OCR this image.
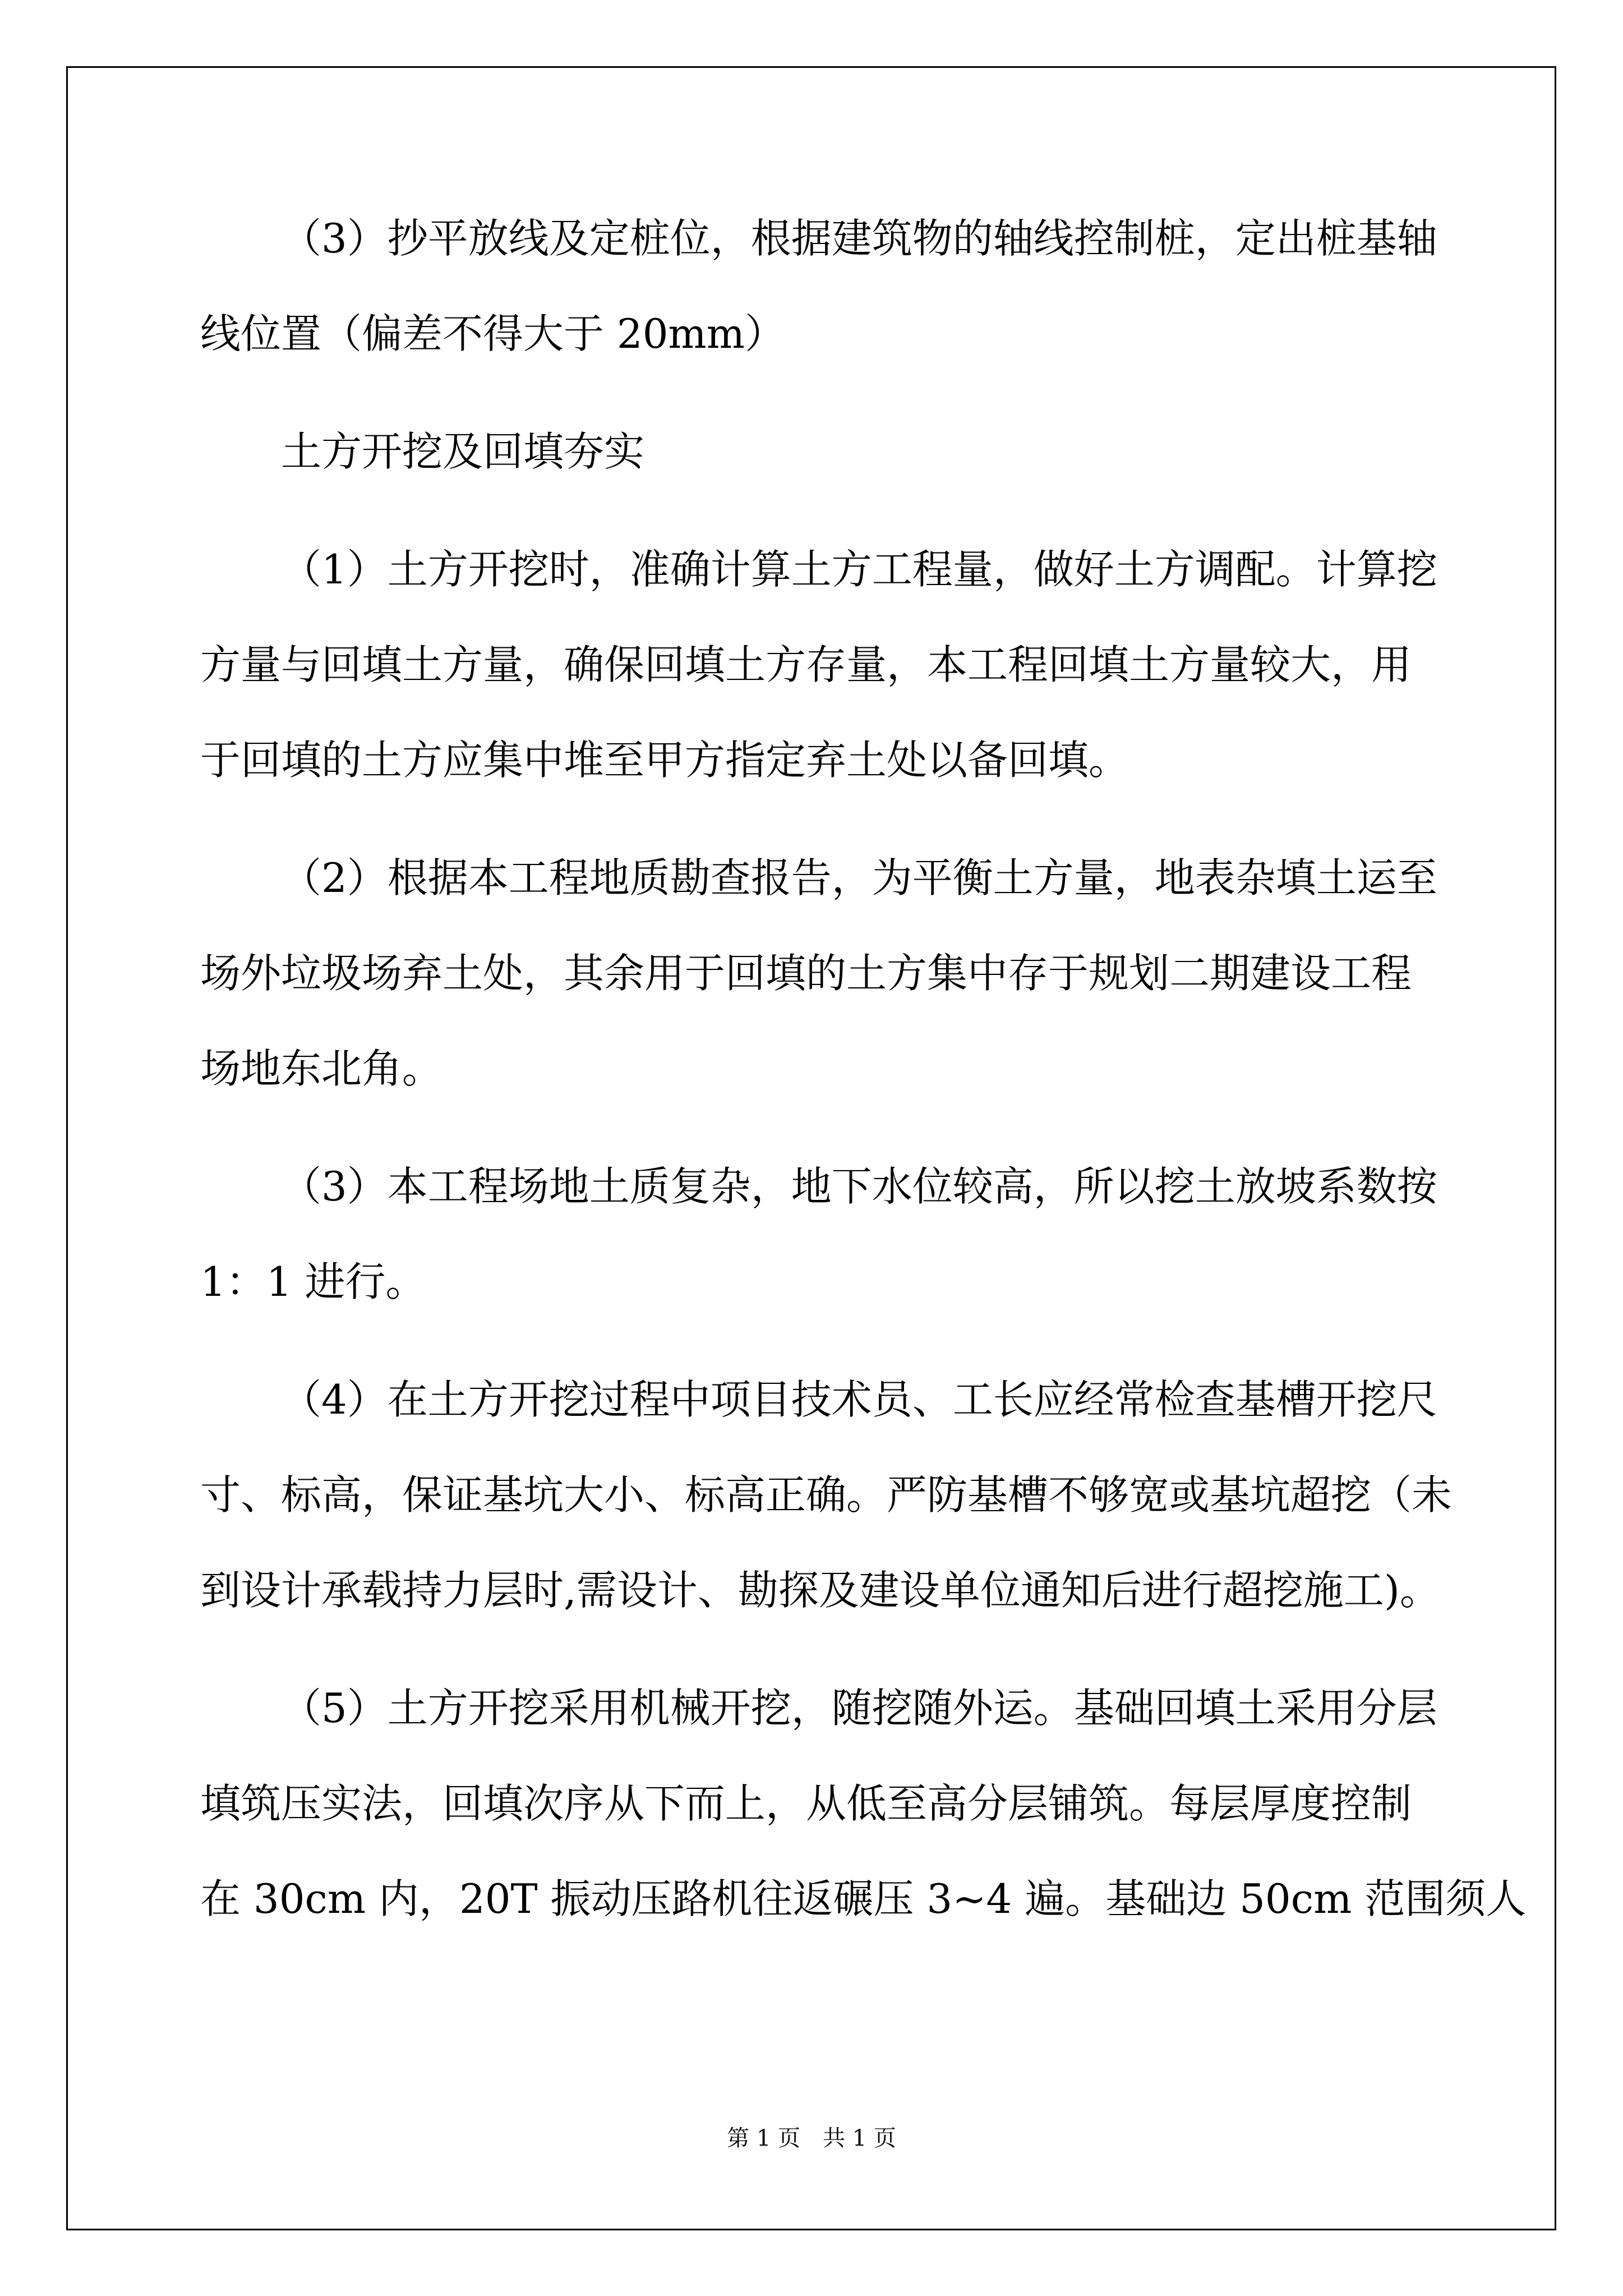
（3）抄平放线及定桩位，根据建筑物的轴线控制桩，定出桩基轴
线位置（偏差不得大于 20mm）
土方开挖及回填夯实
（1）土方开挖时，准确计算土方工程量，做好土方调配。计算挖
方量与回填土方量，确保回填土方存量，本工程回填土方量较大，用
于回填的土方应集中堆至甲方指定弃土处以备回填。
（2）根据本工程地质勘查报告，为平衡土方量，地表杂填土运至
场外垃圾场弃土处，其余用于回填的土方集中存于规划二期建设工程
场地东北角。
（3）本工程场地土质复杂，地下水位较高，所以挖土放坡系数按
1：1 进行。
（4）在土方开挖过程中项目技术员、工长应经常检查基槽开挖尺
寸、标高，保证基坑大小、标高正确。严防基槽不够宽或基坑超挖（未
到设计承载持力层时,需设计、勘探及建设单位通知后进行超挖施工)。
（5）土方开挖采用机械开挖，随挖随外运。基础回填土采用分层
填筑压实法，回填次序从下而上，从低至高分层铺筑。每层厚度控制
在 30cm 内，20T 振动压路机往返碾压 3~4 遍。基础边 50cm 范围须人
第 1 页　共 1 页
